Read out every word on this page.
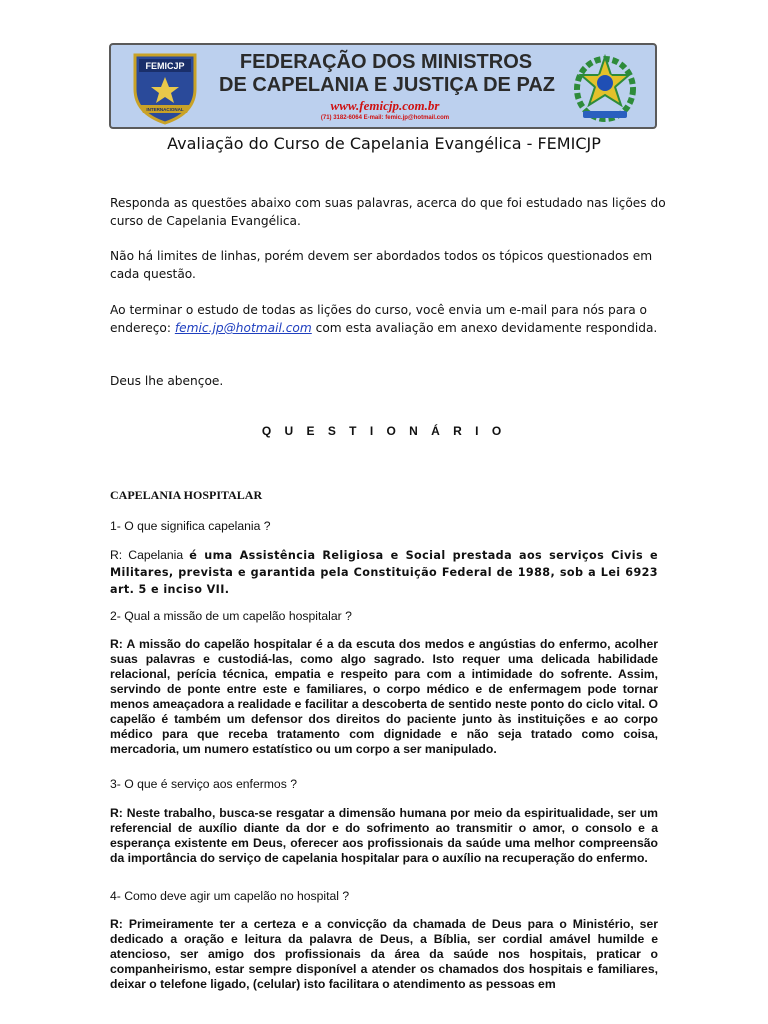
FEMICJP
INTERNACIONAL
FEDERAÇÃO DOS MINISTROS
DE CAPELANIA E JUSTIÇA DE PAZ
www.femicjp.com.br
(71) 3182-6064 E-mail: femic.jp@hotmail.com
Avaliação do Curso de Capelania Evangélica - FEMICJP

Responda as questões abaixo com suas palavras, acerca do que foi estudado nas lições do curso de Capelania Evangélica.

Não há limites de linhas, porém devem ser abordados todos os tópicos questionados em cada questão.

Ao terminar o estudo de todas as lições do curso, você envia um e-mail para nós para o endereço: femic.jp@hotmail.com com esta avaliação em anexo devidamente respondida.

Deus lhe abençoe.

Q U E S T I O N Á R I O
CAPELANIA HOSPITALAR

1- O que significa capelania ?

R: Capelania é uma Assistência Religiosa e Social prestada aos serviços Civis e Militares, prevista e garantida pela Constituição Federal de 1988, sob a Lei 6923 art. 5 e inciso VII.

2- Qual a missão de um capelão hospitalar ?

R: A missão do capelão hospitalar é a da escuta dos medos e angústias do enfermo, acolher suas palavras e custodiá-las, como algo sagrado. Isto requer uma delicada habilidade relacional, perícia técnica, empatia e respeito para com a intimidade do sofrente. Assim, servindo de ponte entre este e familiares, o corpo médico e de enfermagem pode tornar menos ameaçadora a realidade e facilitar a descoberta de sentido neste ponto do ciclo vital. O capelão é também um defensor dos direitos do paciente junto às instituições e ao corpo médico para que receba tratamento com dignidade e não seja tratado como coisa, mercadoria, um numero estatístico ou um corpo a ser manipulado.

3- O que é serviço aos enfermos ?

R: Neste trabalho, busca-se resgatar a dimensão humana por meio da espiritualidade, ser um referencial de auxílio diante da dor e do sofrimento ao transmitir o amor, o consolo e a esperança existente em Deus, oferecer aos profissionais da saúde uma melhor compreensão da importância do serviço de capelania hospitalar para o auxílio na recuperação do enfermo.

4- Como deve agir um capelão no hospital ?

R: Primeiramente ter a certeza e a convicção da chamada de Deus para o Ministério, ser dedicado a oração e leitura da palavra de Deus, a Bíblia, ser cordial amável humilde e atencioso, ser amigo dos profissionais da área da saúde nos hospitais, praticar o companheirismo, estar sempre disponível a atender os chamados dos hospitais e familiares, deixar o telefone ligado, (celular) isto facilitara o atendimento as pessoas em
